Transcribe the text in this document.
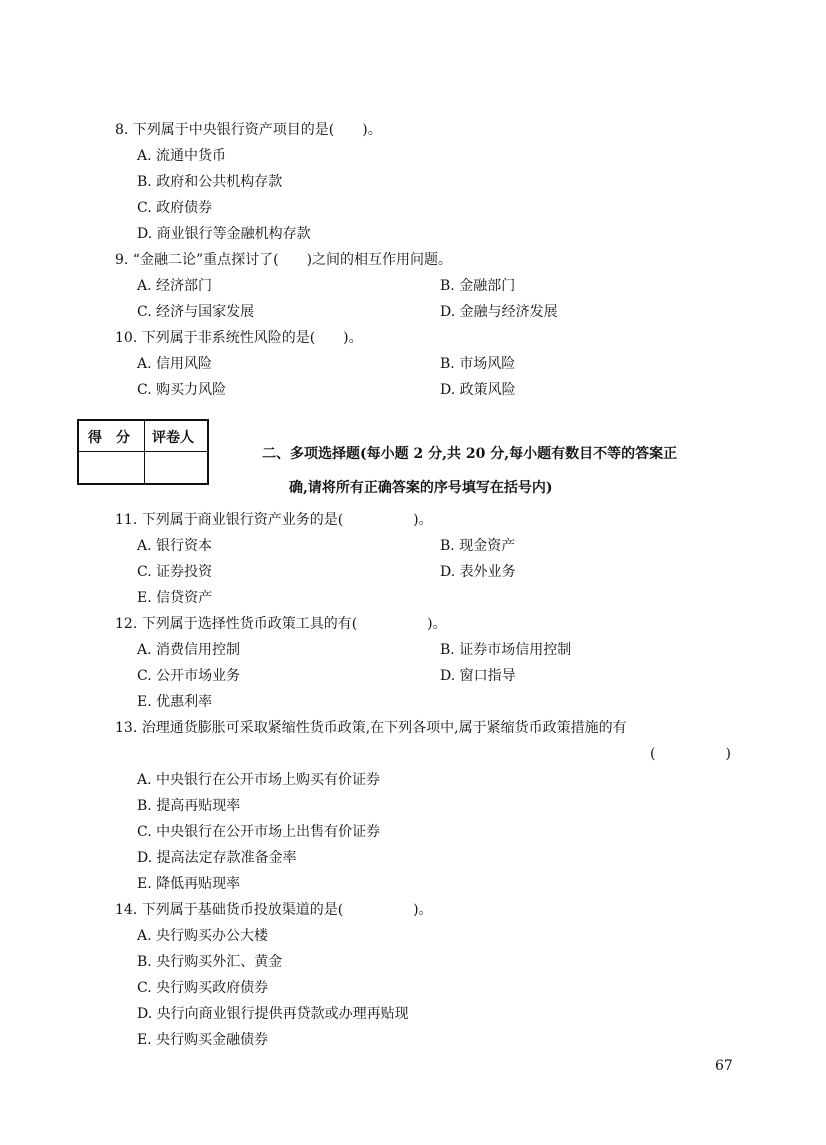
8. 下列属于中央银行资产项目的是(　　)。
A. 流通中货币
B. 政府和公共机构存款
C. 政府债券
D. 商业银行等金融机构存款
9. “金融二论”重点探讨了(　　)之间的相互作用问题。
A. 经济部门	B. 金融部门
C. 经济与国家发展	D. 金融与经济发展
10. 下列属于非系统性风险的是(　　)。
A. 信用风险	B. 市场风险
C. 购买力风险	D. 政策风险
得　分 评卷人
二、多项选择题(每小题 2 分,共 20 分,每小题有数目不等的答案正
确,请将所有正确答案的序号填写在括号内)
11. 下列属于商业银行资产业务的是(　　　　　)。
A. 银行资本	B. 现金资产
C. 证券投资	D. 表外业务
E. 信贷资产
12. 下列属于选择性货币政策工具的有(　　　　　)。
A. 消费信用控制	B. 证券市场信用控制
C. 公开市场业务	D. 窗口指导
E. 优惠利率
13. 治理通货膨胀可采取紧缩性货币政策,在下列各项中,属于紧缩货币政策措施的有
(　　　　　)
A. 中央银行在公开市场上购买有价证券
B. 提高再贴现率
C. 中央银行在公开市场上出售有价证券
D. 提高法定存款准备金率
E. 降低再贴现率
14. 下列属于基础货币投放渠道的是(　　　　　)。
A. 央行购买办公大楼
B. 央行购买外汇、黄金
C. 央行购买政府债券
D. 央行向商业银行提供再贷款或办理再贴现
E. 央行购买金融债券
67
